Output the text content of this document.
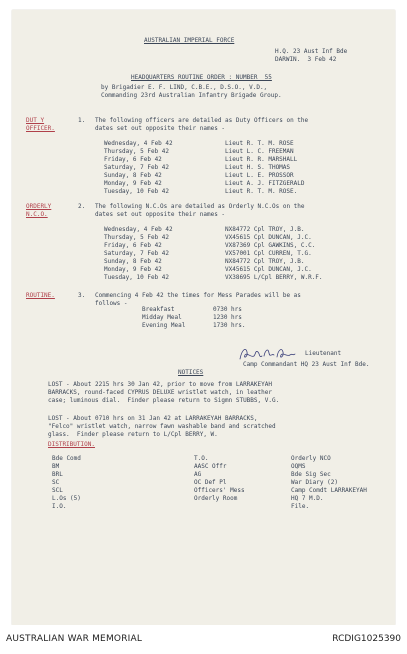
AUSTRALIAN IMPERIAL FORCE
H.Q. 23 Aust Inf Bde
DARWIN.  3 Feb 42
HEADQUARTERS ROUTINE ORDER : NUMBER  55
by Brigadier E. F. LIND, C.B.E., D.S.O., V.D.,
Commanding 23rd Australian Infantry Brigade Group.
DUT Y
OFFICER.
1. The following officers are detailed as Duty Officers on the
dates set out opposite their names -
Wednesday, 4 Feb 42	Lieut R. T. M. ROSE
Thursday, 5 Feb 42	Lieut L. C. FREEMAN
Friday, 6 Feb 42	Lieut R. R. MARSHALL
Saturday, 7 Feb 42	Lieut H. S. THOMAS
Sunday, 8 Feb 42	Lieut L. E. PROSSOR
Monday, 9 Feb 42	Lieut A. J. FITZGERALD
Tuesday, 10 Feb 42	Lieut R. T. M. ROSE.
ORDERLY
N.C.O.
2. The following N.C.Os are detailed as Orderly N.C.Os on the
dates set out opposite their names -
Wednesday, 4 Feb 42	NX84772 Cpl TROY, J.B.
Thursday, 5 Feb 42	VX45615 Cpl DUNCAN, J.C.
Friday, 6 Feb 42	VX87369 Cpl GAWKINS, C.C.
Saturday, 7 Feb 42	VX57001 Cpl CURREN, T.G.
Sunday, 8 Feb 42	NX84772 Cpl TROY, J.B.
Monday, 9 Feb 42	VX45615 Cpl DUNCAN, J.C.
Tuesday, 10 Feb 42	VX38695 L/Cpl BERRY, W.R.F.
ROUTINE.	3. Commencing 4 Feb 42 the times for Mess Parades will be as
follows -
Breakfast	0730 hrs
Midday Meal	1230 hrs
Evening Meal	1730 hrs.
Lieutenant
Camp Commandant HQ 23 Aust Inf Bde.
NOTICES
LOST - About 2215 hrs 30 Jan 42, prior to move from LARRAKEYAH
BARRACKS, round-faced CYPRUS DELUXE wristlet watch, in leather
case; luminous dial.  Finder please return to Sigmn STUBBS, V.G.
LOST - About 0710 hrs on 31 Jan 42 at LARRAKEYAH BARRACKS,
"Felco" wristlet watch, narrow fawn washable band and scratched
glass.  Finder please return to L/Cpl BERRY, W.
DISTRIBUTION.
Bde Comd
BM
BRL
SC
SCL
L.Os (5)
I.O.
T.O.
AASC Offr
AG
OC Def Pl
Officers' Mess
Orderly Room
Orderly NCO
OQMS
Bde Sig Sec
War Diary (2)
Camp Comdt LARRAKEYAH
HQ 7 M.D.
File.
AUSTRALIAN WAR MEMORIAL	RCDIG1025390
